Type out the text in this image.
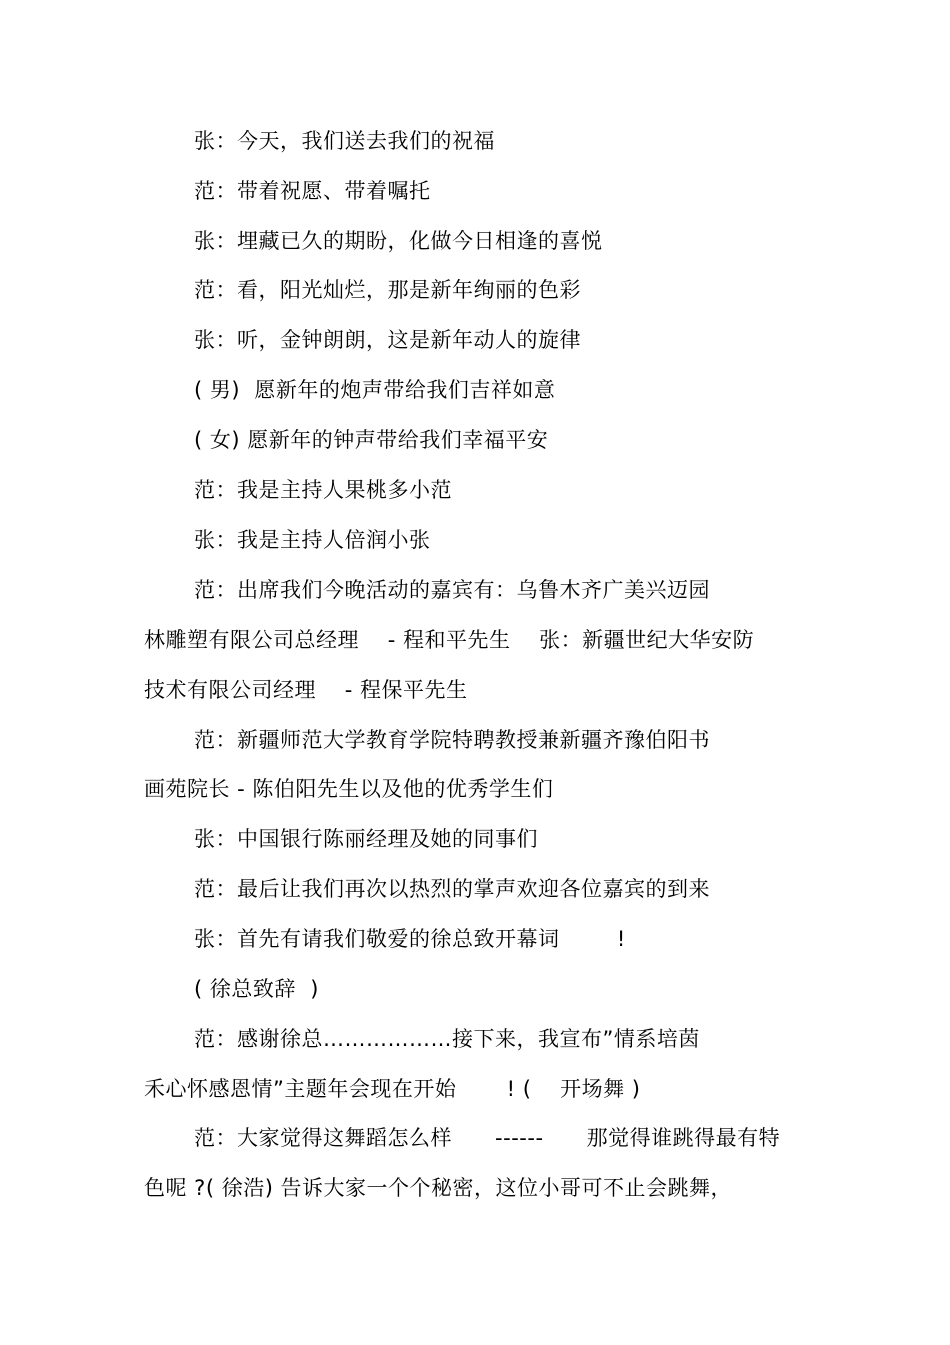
张：今天，我们送去我们的祝福
范：带着祝愿、带着嘱托
张：埋藏已久的期盼，化做今日相逢的喜悦
范：看，阳光灿烂，那是新年绚丽的色彩
张：听，金钟朗朗，这是新年动人的旋律
( 男)  愿新年的炮声带给我们吉祥如意
( 女) 愿新年的钟声带给我们幸福平安
范：我是主持人果桃多小范
张：我是主持人倍润小张
范：出席我们今晚活动的嘉宾有：乌鲁木齐广美兴迈园
林雕塑有限公司总经理    - 程和平先生    张：新疆世纪大华安防
技术有限公司经理    - 程保平先生
范：新疆师范大学教育学院特聘教授兼新疆齐豫伯阳书
画苑院长 - 陈伯阳先生以及他的优秀学生们
张：中国银行陈丽经理及她的同事们
范：最后让我们再次以热烈的掌声欢迎各位嘉宾的到来
张：首先有请我们敬爱的徐总致开幕词        !
( 徐总致辞  )
范：感谢徐总………………接下来，我宣布”情系培茵
禾心怀感恩情”主题年会现在开始       ! (    开场舞 )
范：大家觉得这舞蹈怎么样      ------      那觉得谁跳得最有特
色呢 ?( 徐浩) 告诉大家一个个秘密，这位小哥可不止会跳舞，
